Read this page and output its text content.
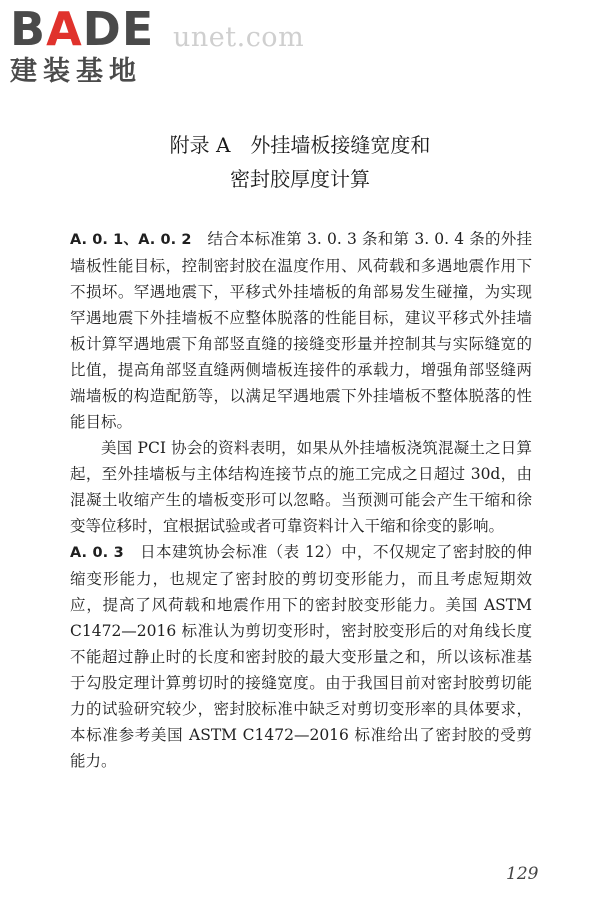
BADE
建装基地
unet.com
附录 A　外挂墙板接缝宽度和
密封胶厚度计算

A. 0. 1、A. 0. 2　 结合本标准第 3. 0. 3 条和第 3. 0. 4 条的外挂墙板性能目标，控制密封胶在温度作用、风荷载和多遇地震作用下不损坏。罕遇地震下，平移式外挂墙板的角部易发生碰撞，为实现罕遇地震下外挂墙板不应整体脱落的性能目标，建议平移式外挂墙板计算罕遇地震下角部竖直缝的接缝变形量并控制其与实际缝宽的比值，提高角部竖直缝两侧墙板连接件的承载力，增强角部竖缝两端墙板的构造配筋等，以满足罕遇地震下外挂墙板不整体脱落的性能目标。

美国 PCI 协会的资料表明，如果从外挂墙板浇筑混凝土之日算起，至外挂墙板与主体结构连接节点的施工完成之日超过 30d，由混凝土收缩产生的墙板变形可以忽略。当预测可能会产生干缩和徐变等位移时，宜根据试验或者可靠资料计入干缩和徐变的影响。

A. 0. 3　 日本建筑协会标准（表 12）中，不仅规定了密封胶的伸缩变形能力，也规定了密封胶的剪切变形能力，而且考虑短期效应，提高了风荷载和地震作用下的密封胶变形能力。美国 ASTM C1472—2016 标准认为剪切变形时，密封胶变形后的对角线长度不能超过静止时的长度和密封胶的最大变形量之和，所以该标准基于勾股定理计算剪切时的接缝宽度。由于我国目前对密封胶剪切能力的试验研究较少，密封胶标准中缺乏对剪切变形率的具体要求，本标准参考美国 ASTM C1472—2016 标准给出了密封胶的受剪能力。

129
